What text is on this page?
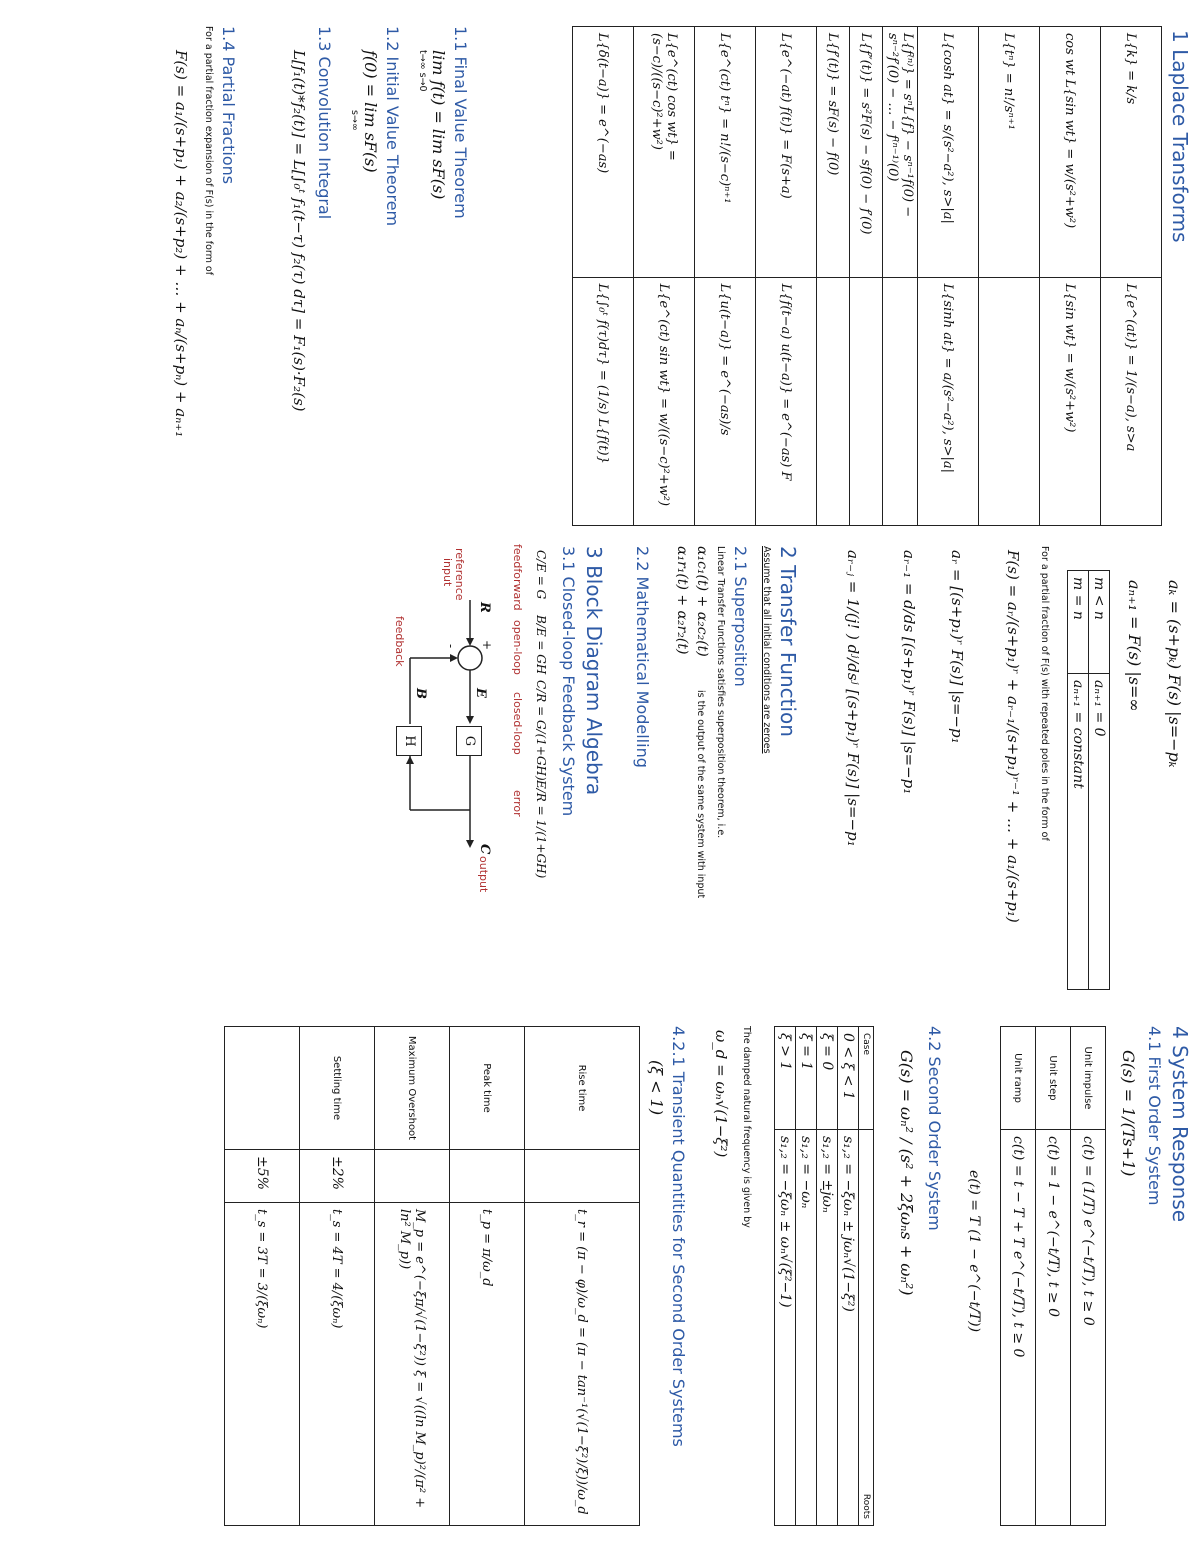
1 Laplace Transforms
L{k} = k/s	L{e^(at)} = 1/(s−a), s>a
cos wt L{sin wt} = w/(s²+w²)	L{sin wt} = w/(s²+w²)
L{tⁿ} = n!/sⁿ⁺¹	
L{cosh at} = s/(s²−a²), s>|a|	L{sinh at} = a/(s²−a²), s>|a|
L{f⁽ⁿ⁾} = sⁿL{f} − sⁿ⁻¹f(0) − sⁿ⁻²f′(0) − … − f⁽ⁿ⁻¹⁾(0)	
L{f″(t)} = s²F(s) − sf(0) − f′(0)	
L{f′(t)} = sF(s) − f(0)	
L{e^(−at) f(t)} = F(s+a)	L{f(t−a) u(t−a)} = e^(−as) F
L{e^(ct) tⁿ} = n!/(s−c)ⁿ⁺¹	L{u(t−a)} = e^(−as)/s
L{e^(ct) cos wt} = (s−c)/((s−c)²+w²)	L{e^(ct) sin wt} = w/((s−c)²+w²)
L{δ(t−a)} = e^(−as)	L{∫₀ᵗ f(τ)dτ} = (1/s) L{f(t)}
1.1 Final Value Theorem
lim f(t) = lim sF(s)
t→∞ s→0
1.2 Initial Value Theorem
f(0) = lim sF(s)
s→∞
1.3 Convolution Integral
L[f₁(t)*f₂(t)] = L[∫₀ᵗ f₁(t−τ) f₂(τ) dτ] = F₁(s)·F₂(s)
1.4 Partial Fractions
For a partial fraction expansion of F(s) in the form of
F(s) = a₁/(s+p₁) + a₂/(s+p₂) + … + aₙ/(s+pₙ) + aₙ₊₁
aₖ = (s+pₖ) F(s) |s=−pₖ
aₙ₊₁ = F(s) |s=∞
m < n	aₙ₊₁ = 0
m = n	aₙ₊₁ = constant
For a partial fraction of F(s) with repeated poles in the form of
F(s) = aᵣ/(s+p₁)ʳ + aᵣ₋₁/(s+p₁)ʳ⁻¹ + … + a₁/(s+p₁)
aᵣ = [(s+p₁)ʳ F(s)] |s=−p₁
aᵣ₋₁ = d/ds [(s+p₁)ʳ F(s)] |s=−p₁
aᵣ₋ⱼ = 1/(j! ) dʲ/dsʲ [(s+p₁)ʳ F(s)] |s=−p₁
2 Transfer Function
Assume that all initial conditions are zeroes
2.1 Superposition
Linear Transfer Functions satisfies superposition theorem, i.e.
α₁c₁(t) + α₂c₂(t)
is the output of the same system with input
α₁r₁(t) + α₂r₂(t)
2.2 Mathematical Modelling
3 Block Diagram Algebra
3.1 Closed-loop Feedback System
C/E = G
B/E = GH
C/R = G/(1+GH)
E/R = 1/(1+GH)
feedforward
open-loop
closed-loop
error
G
H
R
+
-
E
B
C
reference
input
output
feedback
4 System Response
4.1 First Order System
G(s) = 1/(Ts+1)
Unit impulse	c(t) = (1/T) e^(−t/T), t ≥ 0
Unit step	c(t) = 1 − e^(−t/T), t ≥ 0
Unit ramp	c(t) = t − T + T e^(−t/T), t ≥ 0
e(t) = T (1 − e^(−t/T))
4.2 Second Order System
G(s) = ωₙ² / (s² + 2ξωₙs + ωₙ²)
Case	Roots
0 < ξ < 1	s₁,₂ = −ξωₙ ± jωₙ√(1−ξ²)
ξ = 0	s₁,₂ = ±jωₙ
ξ = 1	s₁,₂ = −ωₙ
ξ > 1	s₁,₂ = −ξωₙ ± ωₙ√(ξ²−1)
The damped natural frequency is given by
ω_d = ωₙ√(1−ξ²)
4.2.1 Transient Quantities for Second Order Systems
(ξ < 1)
Rise time		t_r = (π − φ)/ω_d = (π − tan⁻¹(√(1−ξ²)/ξ))/ω_d
Peak time		t_p = π/ω_d
Maximum Overshoot		M_p = e^(−ξπ/√(1−ξ²)) ξ = √((ln M_p)²/(π² + ln² M_p))
Settling time	±2%	t_s = 4T = 4/(ξωₙ)
	±5%	t_s = 3T = 3/(ξωₙ)
